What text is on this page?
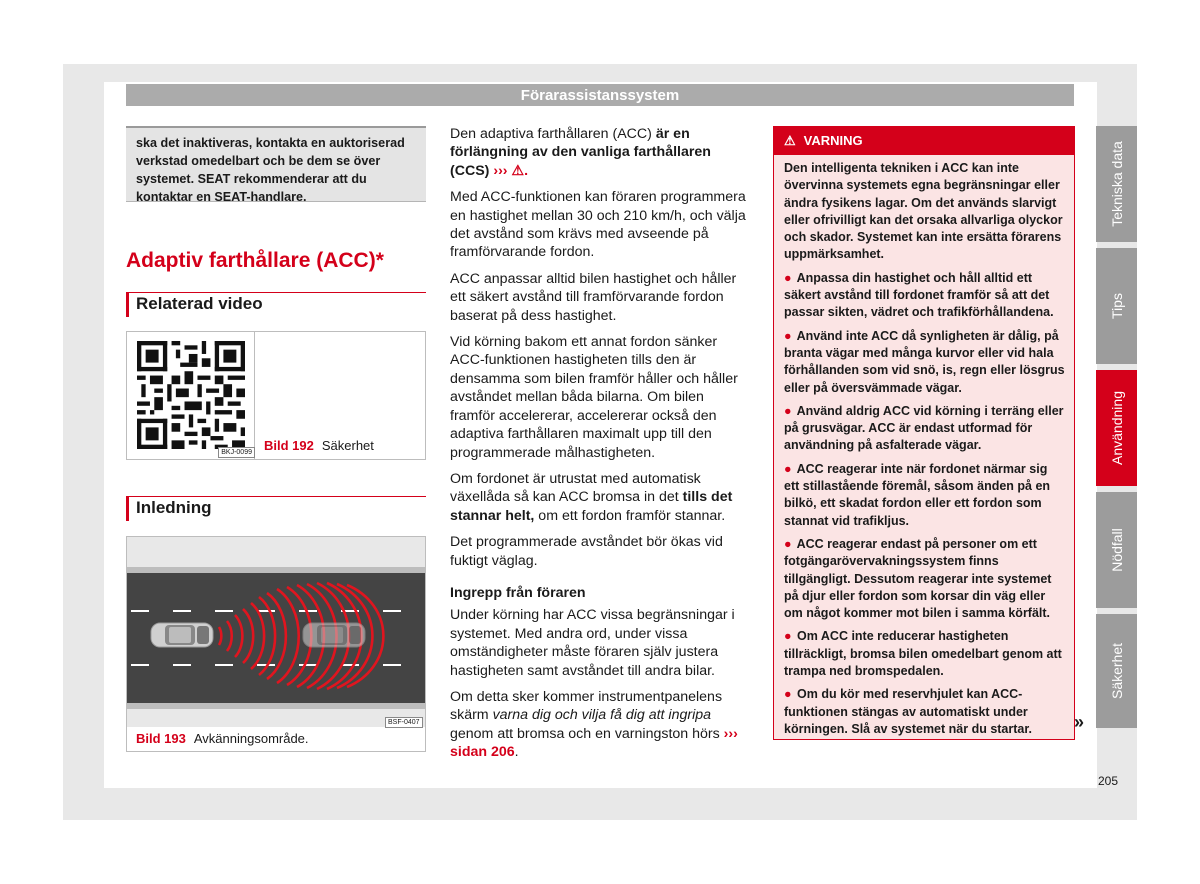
Förarassistanssystem
ska det inaktiveras, kontakta en auktoriserad verkstad omedelbart och be dem se över systemet. SEAT rekommenderar att du kontaktar en SEAT-handlare.
Adaptiv farthållare (ACC)*
Relaterad video
BKJ-0099 Bild 192 Säkerhet
Inledning
BSF-0407
Bild 193 Avkänningsområde.

Den adaptiva farthållaren (ACC) är en förlängning av den vanliga farthållaren (CCS) ››› ⚠.

Med ACC-funktionen kan föraren programmera en hastighet mellan 30 och 210 km/h, och välja det avstånd som krävs med avseende på framförvarande fordon.

ACC anpassar alltid bilen hastighet och håller ett säkert avstånd till framförvarande fordon baserat på dess hastighet.

Vid körning bakom ett annat fordon sänker ACC-funktionen hastigheten tills den är densamma som bilen framför håller och håller avståndet mellan båda bilarna. Om bilen framför accelererar, accelererar också den adaptiva farthållaren maximalt upp till den programmerade målhastigheten.

Om fordonet är utrustat med automatisk växellåda så kan ACC bromsa in det tills det stannar helt, om ett fordon framför stannar.

Det programmerade avståndet bör ökas vid fuktigt väglag.

Ingrepp från föraren

Under körning har ACC vissa begränsningar i systemet. Med andra ord, under vissa omständigheter måste föraren själv justera hastigheten samt avståndet till andra bilar.

Om detta sker kommer instrumentpanelens skärm varna dig och vilja få dig att ingripa genom att bromsa och en varningston hörs ››› sidan 206.

⚠ VARNING

Den intelligenta tekniken i ACC kan inte övervinna systemets egna begränsningar eller ändra fysikens lagar. Om det används slarvigt eller ofrivilligt kan det orsaka allvarliga olyckor och skador. Systemet kan inte ersätta förarens uppmärksamhet.

● Anpassa din hastighet och håll alltid ett säkert avstånd till fordonet framför så att det passar sikten, vädret och trafikförhållandena.

● Använd inte ACC då synligheten är dålig, på branta vägar med många kurvor eller vid hala förhållanden som vid snö, is, regn eller lösgrus eller på översvämmade vägar.

● Använd aldrig ACC vid körning i terräng eller på grusvägar. ACC är endast utformad för användning på asfalterade vägar.

● ACC reagerar inte när fordonet närmar sig ett stillastående föremål, såsom änden på en bilkö, ett skadat fordon eller ett fordon som stannat vid trafikljus.

● ACC reagerar endast på personer om ett fotgängarövervakningssystem finns tillgängligt. Dessutom reagerar inte systemet på djur eller fordon som korsar din väg eller om något kommer mot bilen i samma körfält.

● Om ACC inte reducerar hastigheten tillräckligt, bromsa bilen omedelbart genom att trampa ned bromspedalen.

● Om du kör med reservhjulet kan ACC-funktionen stängas av automatiskt under körningen. Slå av systemet när du startar.	»
Tekniska data
Tips
Användning
Nödfall
Säkerhet
205
